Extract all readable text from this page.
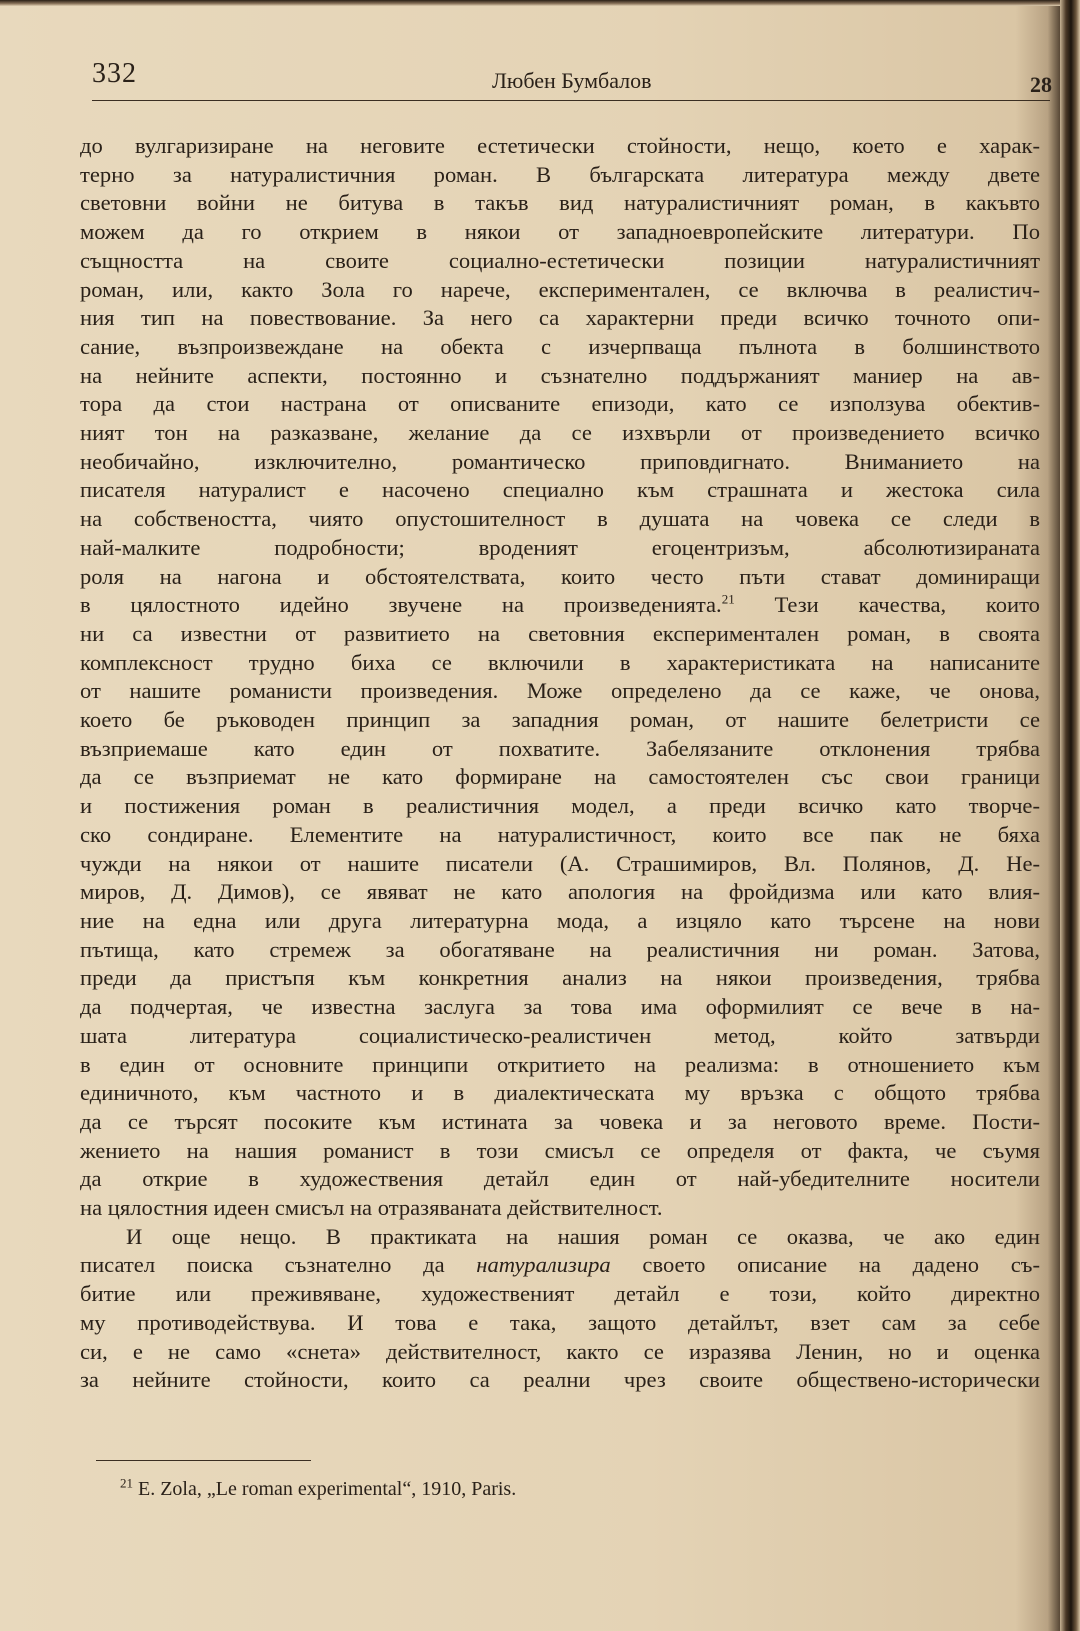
332	Любен Бумбалов	28
до вулгаризиране на неговите естетически стойности, нещо, което е харак-
терно за натуралистичния роман. В българската литература между двете
световни войни не битува в такъв вид натуралистичният роман, в какъвто
можем да го открием в някои от западноевропейските литератури. По
същността на своите социално-естетически позиции натуралистичният
роман, или, както Зола го нарече, експериментален, се включва в реалистич-
ния тип на повествование. За него са характерни преди всичко точното опи-
сание, възпроизвеждане на обекта с изчерпваща пълнота в болшинството
на нейните аспекти, постоянно и съзнателно поддържаният маниер на ав-
тора да стои настрана от описваните епизоди, като се използува обектив-
ният тон на разказване, желание да се изхвърли от произведението всичко
необичайно, изключително, романтическо приповдигнато. Вниманието на
писателя натуралист е насочено специално към страшната и жестока сила
на собствеността, чиято опустошителност в душата на човека се следи в
най-малките подробности; врoденият егоцентризъм, абсолютизираната
роля на нагона и обстоятелствата, които често пъти стават доминиращи
в цялостното идейно звучене на произведенията.$^{21}$ Тези качества, които
ни са известни от развитието на световния експериментален роман, в своята
комплексност трудно биха се включили в характеристиката на написаните
от нашите романисти произведения. Може определено да се каже, че онова,
което бе ръководен принцип за западния роман, от нашите белетристи се
възприемаше като един от похватите. Забелязаните отклонения трябва
да се възприемат не като формиране на самостоятелен със свои граници
и постижения роман в реалистичния модел, а преди всичко като творче-
ско сондиране. Елементите на натуралистичност, които все пак не бяха
чужди на някои от нашите писатели (А. Страшимиров, Вл. Полянов, Д. Не-
миров, Д. Димов), се явяват не като апология на фройдизма или като влия-
ние на една или друга литературна мода, а изцяло като търсене на нови
пътища, като стремеж за обогатяване на реалистичния ни роман. Затова,
преди да пристъпя към конкретния анализ на някои произведения, трябва
да подчертая, че известна заслуга за това има оформилият се вече в на-
шата литература социалистическо-реалистичен метод, който затвърди
в един от основните принципи откритието на реализма: в отношението към
единичното, към частното и в диалектическата му връзка с общото трябва
да се търсят посоките към истината за човека и за неговото време. Пости-
жението на нашия романист в този смисъл се определя от факта, че съумя
да открие в художествения детайл един от най-убедителните носители
на цялостния идеен смисъл на отразяваната действителност.
И още нещо. В практиката на нашия роман се оказва, че ако един
писател поиска съзнателно да натурализира своето описание на дадено съ-
битие или преживяване, художественият детайл е този, който директно
му противодействува. И това е така, защото детайлът, взет сам за себе
си, е не само «снета» действителност, както се изразява Ленин, но и оценка
за нейните стойности, които са реални чрез своите обществено-исторически
$^{21}$ E. Zola, „Le roman experimental“, 1910, Paris.
